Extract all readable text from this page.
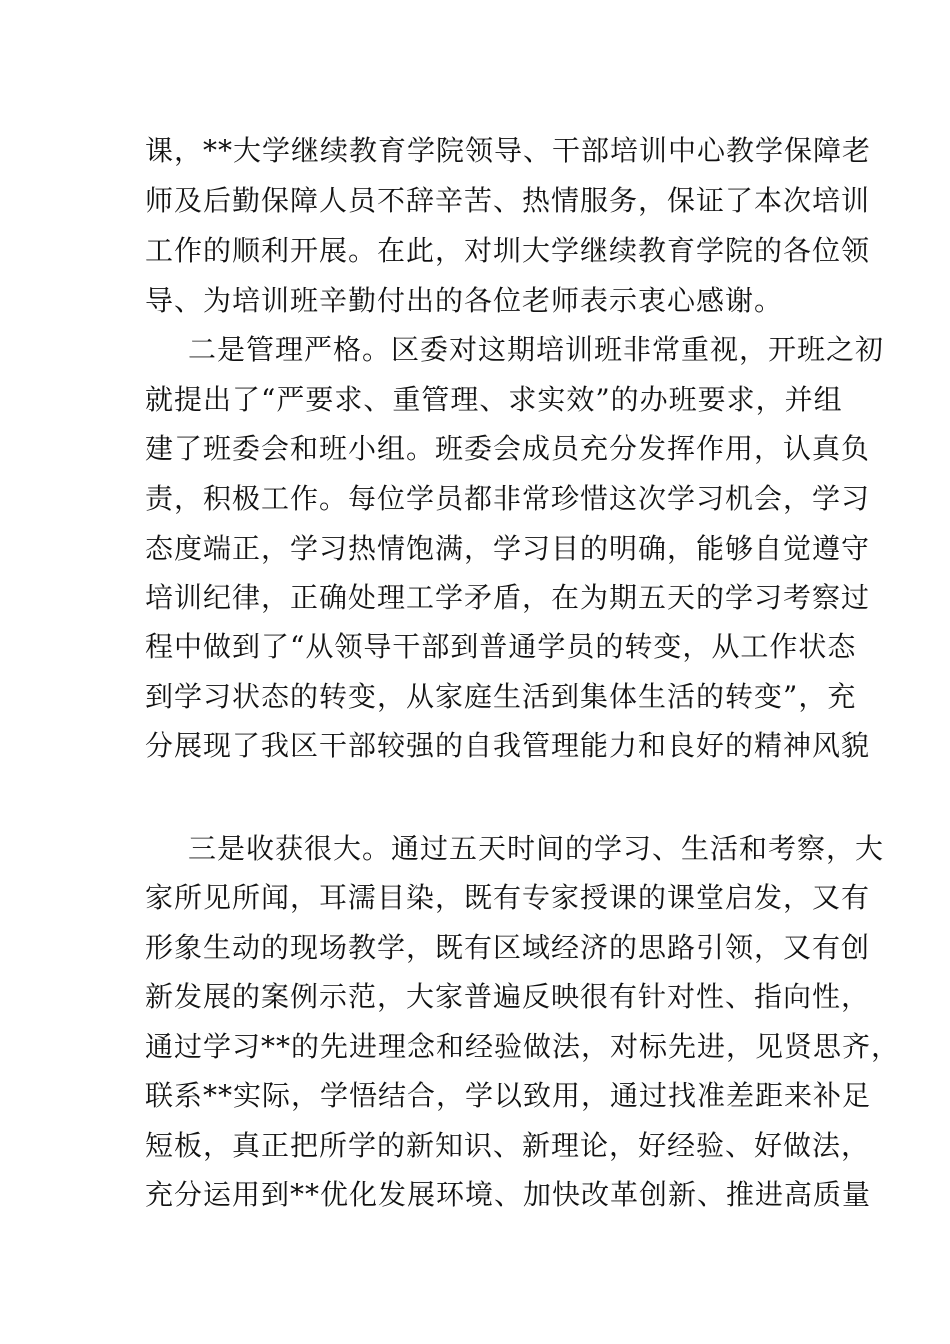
课，**大学继续教育学院领导、干部培训中心教学保障老
师及后勤保障人员不辞辛苦、热情服务，保证了本次培训
工作的顺利开展。在此，对圳大学继续教育学院的各位领
导、为培训班辛勤付出的各位老师表示衷心感谢。
二是管理严格。区委对这期培训班非常重视，开班之初
就提出了“严要求、重管理、求实效”的办班要求，并组
建了班委会和班小组。班委会成员充分发挥作用，认真负
责，积极工作。每位学员都非常珍惜这次学习机会，学习
态度端正，学习热情饱满，学习目的明确，能够自觉遵守
培训纪律，正确处理工学矛盾，在为期五天的学习考察过
程中做到了“从领导干部到普通学员的转变，从工作状态
到学习状态的转变，从家庭生活到集体生活的转变”，充
分展现了我区干部较强的自我管理能力和良好的精神风貌
三是收获很大。通过五天时间的学习、生活和考察，大
家所见所闻，耳濡目染，既有专家授课的课堂启发，又有
形象生动的现场教学，既有区域经济的思路引领，又有创
新发展的案例示范，大家普遍反映很有针对性、指向性，
通过学习**的先进理念和经验做法，对标先进，见贤思齐，
联系**实际，学悟结合，学以致用，通过找准差距来补足
短板，真正把所学的新知识、新理论，好经验、好做法，
充分运用到**优化发展环境、加快改革创新、推进高质量
